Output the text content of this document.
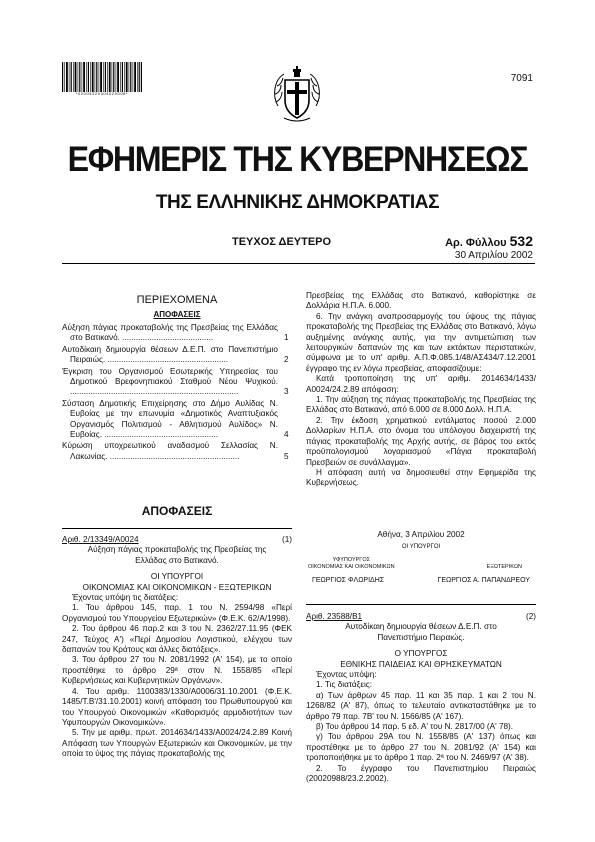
*02005320304020008*
7091
ΕΦΗΜΕΡΙΣ ΤΗΣ ΚΥΒΕΡΝΗΣΕΩΣ
ΤΗΣ ΕΛΛΗΝΙΚΗΣ ΔΗΜΟΚΡΑΤΙΑΣ
ΤΕΥΧΟΣ ΔΕΥΤΕΡΟ	Αρ. Φύλλου 532
30 Απριλίου 2002
ΠΕΡΙΕΧΟΜΕΝΑ
ΑΠΟΦΑΣΕΙΣ
Αύξηση πάγιας προκαταβολής της Πρεσβείας της Ελλάδας στο Βατικανό. ........................................	1
Αυτοδίκαιη δημιουργία θέσεων Δ.Ε.Π. στο Πανεπιστήμιο Πειραιώς. .....................................................	2
Έγκριση του Οργανισμού Εσωτερικής Υπηρεσίας του Δημοτικού Βρεφονηπιακού Σταθμού Νέου Ψυχικού. ..........................................................................	3
Σύσταση Δημοτικής Επιχείρησης στο Δήμο Αυλίδας Ν. Ευβοίας με την επωνυμία «Δημοτικός Αναπτυξιακός Οργανισμός Πολιτισμού - Αθλητισμού Αυλίδος» Ν. Ευβοίας. ..................................................	4
Κύρωση υποχρεωτικού αναδασμού Σελλασίας Ν. Λακωνίας. .........................................................	5
ΑΠΟΦΑΣΕΙΣ
Αριθ. 2/13349/Α0024	(1)

Αύξηση πάγιας προκαταβολής της Πρεσβείας της Ελλάδας στο Βατικανό.

ΟΙ ΥΠΟΥΡΓΟΙ

ΟΙΚΟΝΟΜΙΑΣ ΚΑΙ ΟΙΚΟΝΟΜΙΚΩΝ - ΕΞΩΤΕΡΙΚΩΝ

Έχοντας υπόψη τις διατάξεις:

1. Του άρθρου 145, παρ. 1 του Ν. 2594/98 «Περί Οργανισμού του Υπουργείου Εξωτερικών» (Φ.Ε.Κ. 62/Α/1998).

2. Του άρθρου 46 παρ.2 και 3 του Ν. 2362/27.11.95 (ΦΕΚ 247, Τεύχος Α') «Περί Δημοσίου Λογιστικού, ελέγχου των δαπανών του Κράτους και άλλες διατάξεις».

3. Του άρθρου 27 του Ν. 2081/1992 (Α' 154), με το οποίο προστέθηκε το άρθρο 29ª στον Ν. 1558/85 «Περί Κυβερνήσεως και Κυβερνητικών Οργάνων».

4. Του αριθμ. 1100383/1330/Α0006/31.10.2001 (Φ.Ε.Κ. 1485/Τ.Β'/31.10.2001) κοινή απόφαση του Πρωθυπουργού και του Υπουργού Οικονομικών «Καθορισμός αρμοδιοτήτων των Υφυπουργών Οικονομικών».

5. Την με αριθμ. πρωτ. 2014634/1433/Α0024/24.2.89 Κοινή Απόφαση των Υπουργών Εξωτερικών και Οικονομικών, με την οποία το ύψος της πάγιας προκαταβολής της

Πρεσβείας της Ελλάδας στο Βατικανό, καθορίστηκε σε Δολλάρια Η.Π.Α. 6.000.

6. Την ανάγκη αναπροσαρμογής του ύψους της πάγιας προκαταβολής της Πρεσβείας της Ελλάδας στο Βατικανό, λόγω αυξημένης ανάγκης αυτής, για την αντιμετώπιση των λειτουργικών δαπανών της και των εκτάκτων περιστατικών, σύμφωνα με το υπ' αριθμ. Α.Π.Φ.085.1/48/ΑΣ434/7.12.2001 έγγραφο της εν λόγω πρεσβείας, αποφασίζουμε:

Κατά τροποποίηση της υπ' αριθμ. 2014634/1433/Α0024/24.2.89 απόφαση:

1. Την αύξηση της πάγιας προκαταβολής της Πρεσβείας της Ελλάδας στο Βατικανό, από 6.000 σε 8.000 Δολλ. Η.Π.Α.

2. Την έκδοση χρηματικού εντάλματος ποσού 2.000 Δολλαρίων Η.Π.Α. στο όνομα του υπόλογου διαχειριστή της πάγιας προκαταβολής της Αρχής αυτής, σε βάρος του εκτός προϋπολογισμού λογαριασμού «Πάγια προκαταβολή Πρεσβειών σε συνάλλαγμα».

Η απόφαση αυτή να δημοσιευθεί στην Εφημερίδα της Κυβερνήσεως.

Αθήνα, 3 Απριλίου 2002

ΟΙ ΥΠΟΥΡΓΟΙ

ΥΦΥΠΟΥΡΓΟΣ
ΟΙΚΟΝΟΜΙΑΣ ΚΑΙ ΟΙΚΟΝΟΜΙΚΩΝ	ΕΞΩΤΕΡΙΚΩΝ
ΓΕΩΡΓΙΟΣ ΦΛΩΡΙΔΗΣ	ΓΕΩΡΓΙΟΣ Α. ΠΑΠΑΝΔΡΕΟΥ
Αριθ. 23588/Β1	(2)

Αυτοδίκαιη δημιουργία θέσεων Δ.Ε.Π. στο Πανεπιστήμιο Πειραιώς.

Ο ΥΠΟΥΡΓΟΣ

ΕΘΝΙΚΗΣ ΠΑΙΔΕΙΑΣ ΚΑΙ ΘΡΗΣΚΕΥΜΑΤΩΝ

Έχοντας υπόψη:

1. Τις διατάξεις:

α) Των άρθρων 45 παρ. 11 και 35 παρ. 1 και 2 του Ν. 1268/82 (Α' 87), όπως το τελευταίο αντικαταστάθηκε με το άρθρο 79 παρ. 7Β' του Ν. 1566/85 (Α' 167).

β) Του άρθρου 14 παρ. 5 εδ. Α' του Ν. 2817/00 (Α' 78).

γ) Του άρθρου 29Α του Ν. 1558/85 (Α' 137) όπως και προστέθηκε με το άρθρο 27 του Ν. 2081/92 (Α' 154) και τροποποιήθηκε με το άρθρο 1 παρ. 2ª του Ν. 2469/97 (Α' 38).

2. Το έγγραφο του Πανεπιστημίου Πειραιώς (20020988/23.2.2002).
